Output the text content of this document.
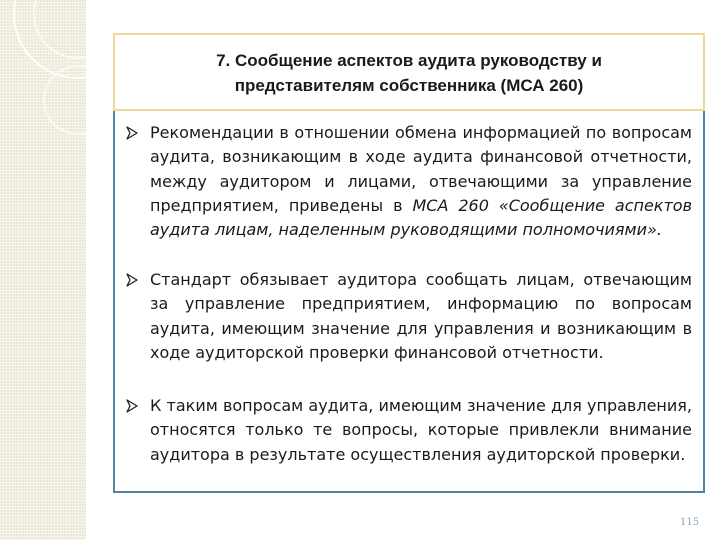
7. Сообщение аспектов аудита руководству и
представителям собственника (МСА 260)
Рекомендации в отношении обмена информацией по вопросам аудита, возникающим в ходе аудита финансовой отчетности, между аудитором и лицами, отвечающими за управление предприятием, приведены в МСА 260 «Сообщение аспектов аудита лицам, наделенным руководящими полномочиями».
Стандарт обязывает аудитора сообщать лицам, отвечающим за управление предприятием, информацию по вопросам аудита, имеющим значение для управления и возникающим в ходе аудиторской проверки финансовой отчетности.
К таким вопросам аудита, имеющим значение для управления, относятся только те вопросы, которые привлекли внимание аудитора в результате осуществления аудиторской проверки.
115
